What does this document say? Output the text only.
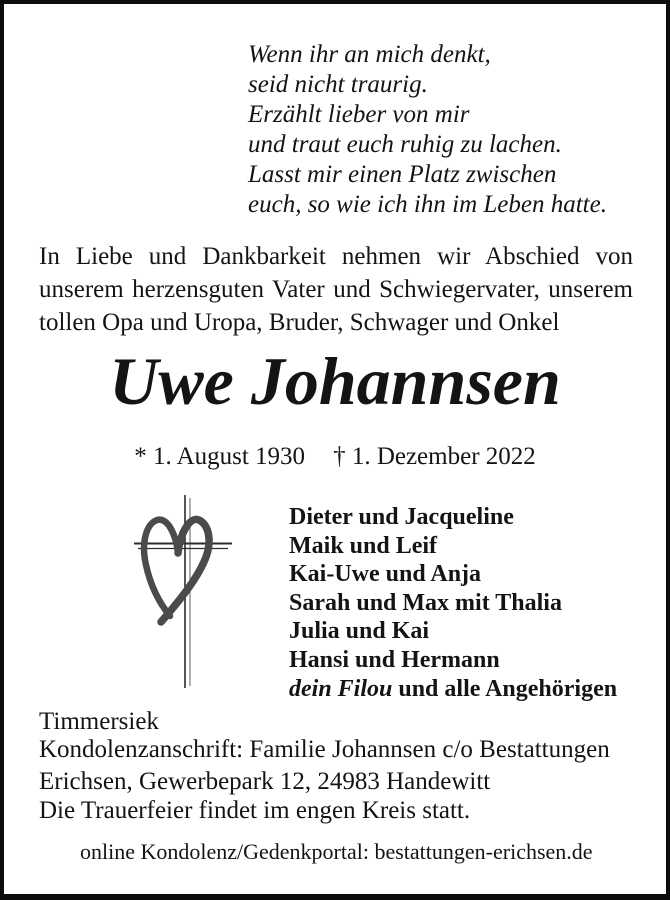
Wenn ihr an mich denkt,
seid nicht traurig.
Erzählt lieber von mir
und traut euch ruhig zu lachen.
Lasst mir einen Platz zwischen
euch, so wie ich ihn im Leben hatte.
In Liebe und Dankbarkeit nehmen wir Abschied von
unserem herzensguten Vater und Schwiegervater, unserem
tollen Opa und Uropa, Bruder, Schwager und Onkel
Uwe Johannsen
* 1. August 1930 † 1. Dezember 2022
Dieter und Jacqueline
Maik und Leif
Kai-Uwe und Anja
Sarah und Max mit Thalia
Julia und Kai
Hansi und Hermann
dein Filou und alle Angehörigen
Timmersiek
Kondolenzanschrift: Familie Johannsen c/o Bestattungen
Erichsen, Gewerbepark 12, 24983 Handewitt
Die Trauerfeier findet im engen Kreis statt.
online Kondolenz/Gedenkportal: bestattungen-erichsen.de
